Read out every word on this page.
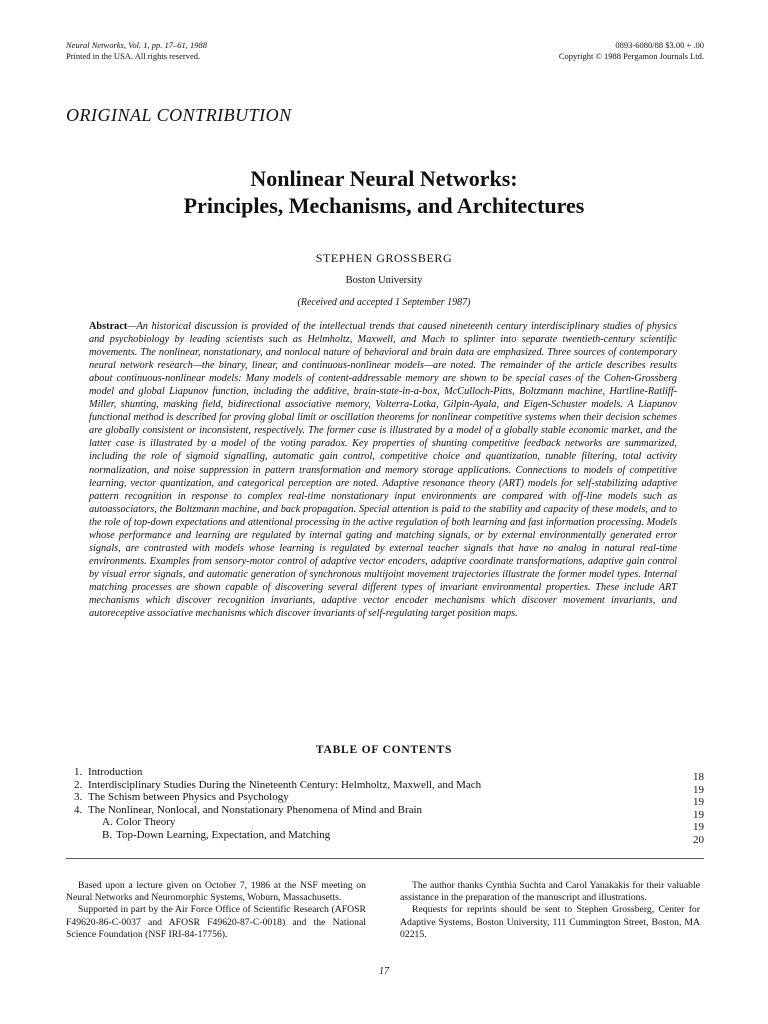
Neural Networks, Vol. 1, pp. 17–61, 1988
Printed in the USA. All rights reserved.
0893-6080/88 $3.00 + .00
Copyright © 1988 Pergamon Journals Ltd.
ORIGINAL CONTRIBUTION
Nonlinear Neural Networks:
Principles, Mechanisms, and Architectures
STEPHEN GROSSBERG
Boston University
(Received and accepted 1 September 1987)
Abstract—An historical discussion is provided of the intellectual trends that caused nineteenth century interdisciplinary studies of physics and psychobiology by leading scientists such as Helmholtz, Maxwell, and Mach to splinter into separate twentieth-century scientific movements. The nonlinear, nonstationary, and nonlocal nature of behavioral and brain data are emphasized. Three sources of contemporary neural network research—the binary, linear, and continuous-nonlinear models—are noted. The remainder of the article describes results about continuous-nonlinear models: Many models of content-addressable memory are shown to be special cases of the Cohen-Grossberg model and global Liapunov function, including the additive, brain-state-in-a-box, McCulloch-Pitts, Boltzmann machine, Hartline-Ratliff-Miller, shunting, masking field, bidirectional associative memory, Volterra-Lotka, Gilpin-Ayala, and Eigen-Schuster models. A Liapunov functional method is described for proving global limit or oscillation theorems for nonlinear competitive systems when their decision schemes are globally consistent or inconsistent, respectively. The former case is illustrated by a model of a globally stable economic market, and the latter case is illustrated by a model of the voting paradox. Key properties of shunting competitive feedback networks are summarized, including the role of sigmoid signalling, automatic gain control, competitive choice and quantization, tunable filtering, total activity normalization, and noise suppression in pattern transformation and memory storage applications. Connections to models of competitive learning, vector quantization, and categorical perception are noted. Adaptive resonance theory (ART) models for self-stabilizing adaptive pattern recognition in response to complex real-time nonstationary input environments are compared with off-line models such as autoassociators, the Boltzmann machine, and back propagation. Special attention is paid to the stability and capacity of these models, and to the role of top-down expectations and attentional processing in the active regulation of both learning and fast information processing. Models whose performance and learning are regulated by internal gating and matching signals, or by external environmentally generated error signals, are contrasted with models whose learning is regulated by external teacher signals that have no analog in natural real-time environments. Examples from sensory-motor control of adaptive vector encoders, adaptive coordinate transformations, adaptive gain control by visual error signals, and automatic generation of synchronous multijoint movement trajectories illustrate the former model types. Internal matching processes are shown capable of discovering several different types of invariant environmental properties. These include ART mechanisms which discover recognition invariants, adaptive vector encoder mechanisms which discover movement invariants, and autoreceptive associative mechanisms which discover invariants of self-regulating target position maps.
TABLE OF CONTENTS
1. Introduction	18
2. Interdisciplinary Studies During the Nineteenth Century: Helmholtz, Maxwell, and Mach	19
3. The Schism between Physics and Psychology	19
4. The Nonlinear, Nonlocal, and Nonstationary Phenomena of Mind and Brain	19
A. Color Theory	19
B. Top-Down Learning, Expectation, and Matching	20

Based upon a lecture given on October 7, 1986 at the NSF meeting on Neural Networks and Neuromorphic Systems, Woburn, Massachusetts.

Supported in part by the Air Force Office of Scientific Research (AFOSR F49620-86-C-0037 and AFOSR F49620-87-C-0018) and the National Science Foundation (NSF IRI-84-17756).

The author thanks Cynthia Suchta and Carol Yanakakis for their valuable assistance in the preparation of the manuscript and illustrations.

Requests for reprints should be sent to Stephen Grossberg, Center for Adaptive Systems, Boston University, 111 Cummington Street, Boston, MA 02215.

17
